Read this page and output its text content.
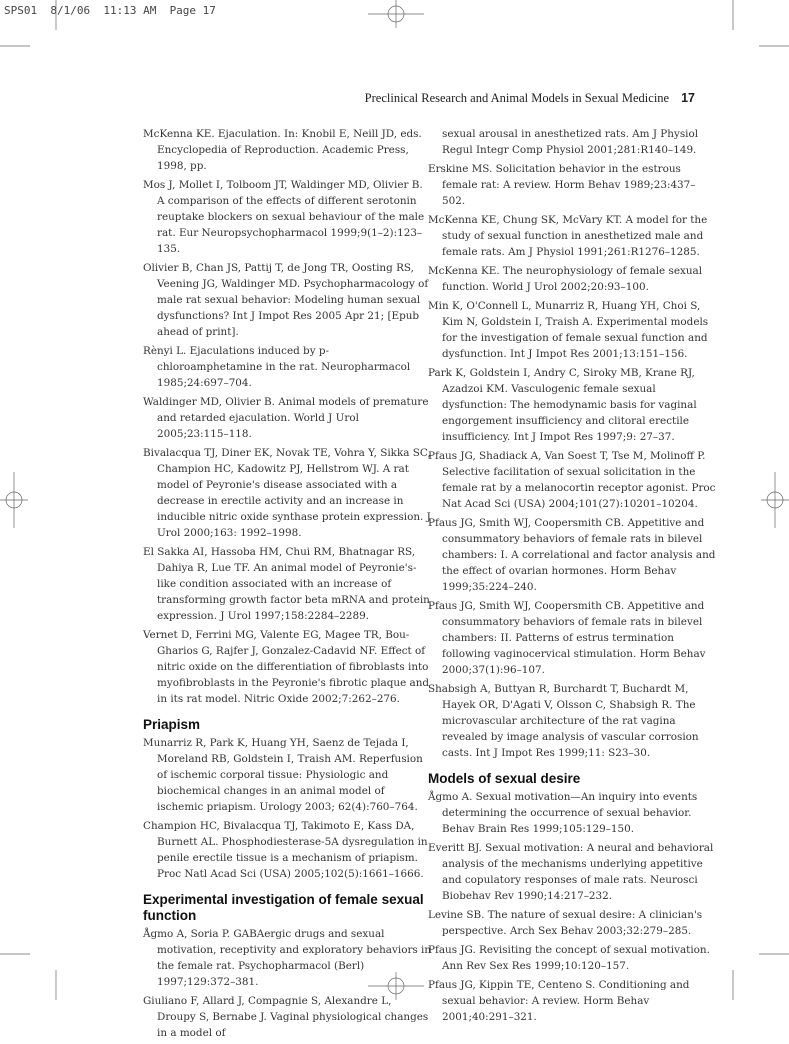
SPS01  8/1/06  11:13 AM  Page 17
Preclinical Research and Animal Models in Sexual Medicine 17

McKenna KE. Ejaculation. In: Knobil E, Neill JD, eds. Encyclopedia of Reproduction. Academic Press, 1998, pp.

Mos J, Mollet I, Tolboom JT, Waldinger MD, Olivier B. A comparison of the effects of different serotonin reuptake blockers on sexual behaviour of the male rat. Eur Neuropsychopharmacol 1999;9(1–2):123–135.

Olivier B, Chan JS, Pattij T, de Jong TR, Oosting RS, Veening JG, Waldinger MD. Psychopharmacology of male rat sexual behavior: Modeling human sexual dysfunctions? Int J Impot Res 2005 Apr 21; [Epub ahead of print].

Rènyi L. Ejaculations induced by p-chloroamphetamine in the rat. Neuropharmacol 1985;24:697–704.

Waldinger MD, Olivier B. Animal models of premature and retarded ejaculation. World J Urol 2005;23:115–118.

Bivalacqua TJ, Diner EK, Novak TE, Vohra Y, Sikka SC, Champion HC, Kadowitz PJ, Hellstrom WJ. A rat model of Peyronie's disease associated with a decrease in erectile activity and an increase in inducible nitric oxide synthase protein expression. J Urol 2000;163: 1992–1998.

El Sakka AI, Hassoba HM, Chui RM, Bhatnagar RS, Dahiya R, Lue TF. An animal model of Peyronie's-like condition associated with an increase of transforming growth factor beta mRNA and protein expression. J Urol 1997;158:2284–2289.

Vernet D, Ferrini MG, Valente EG, Magee TR, Bou-Gharios G, Rajfer J, Gonzalez-Cadavid NF. Effect of nitric oxide on the differentiation of fibroblasts into myofibroblasts in the Peyronie's fibrotic plaque and in its rat model. Nitric Oxide 2002;7:262–276.

Priapism

Munarriz R, Park K, Huang YH, Saenz de Tejada I, Moreland RB, Goldstein I, Traish AM. Reperfusion of ischemic corporal tissue: Physiologic and biochemical changes in an animal model of ischemic priapism. Urology 2003; 62(4):760–764.

Champion HC, Bivalacqua TJ, Takimoto E, Kass DA, Burnett AL. Phosphodiesterase-5A dysregulation in penile erectile tissue is a mechanism of priapism. Proc Natl Acad Sci (USA) 2005;102(5):1661–1666.

Experimental investigation of female sexual function

Ågmo A, Soria P. GABAergic drugs and sexual motivation, receptivity and exploratory behaviors in the female rat. Psychopharmacol (Berl) 1997;129:372–381.

Giuliano F, Allard J, Compagnie S, Alexandre L, Droupy S, Bernabe J. Vaginal physiological changes in a model of

sexual arousal in anesthetized rats. Am J Physiol Regul Integr Comp Physiol 2001;281:R140–149.

Erskine MS. Solicitation behavior in the estrous female rat: A review. Horm Behav 1989;23:437–502.

McKenna KE, Chung SK, McVary KT. A model for the study of sexual function in anesthetized male and female rats. Am J Physiol 1991;261:R1276–1285.

McKenna KE. The neurophysiology of female sexual function. World J Urol 2002;20:93–100.

Min K, O'Connell L, Munarriz R, Huang YH, Choi S, Kim N, Goldstein I, Traish A. Experimental models for the investigation of female sexual function and dysfunction. Int J Impot Res 2001;13:151–156.

Park K, Goldstein I, Andry C, Siroky MB, Krane RJ, Azadzoi KM. Vasculogenic female sexual dysfunction: The hemodynamic basis for vaginal engorgement insufficiency and clitoral erectile insufficiency. Int J Impot Res 1997;9: 27–37.

Pfaus JG, Shadiack A, Van Soest T, Tse M, Molinoff P. Selective facilitation of sexual solicitation in the female rat by a melanocortin receptor agonist. Proc Nat Acad Sci (USA) 2004;101(27):10201–10204.

Pfaus JG, Smith WJ, Coopersmith CB. Appetitive and consummatory behaviors of female rats in bilevel chambers: I. A correlational and factor analysis and the effect of ovarian hormones. Horm Behav 1999;35:224–240.

Pfaus JG, Smith WJ, Coopersmith CB. Appetitive and consummatory behaviors of female rats in bilevel chambers: II. Patterns of estrus termination following vaginocervical stimulation. Horm Behav 2000;37(1):96–107.

Shabsigh A, Buttyan R, Burchardt T, Buchardt M, Hayek OR, D'Agati V, Olsson C, Shabsigh R. The microvascular architecture of the rat vagina revealed by image analysis of vascular corrosion casts. Int J Impot Res 1999;11: S23–30.

Models of sexual desire

Ågmo A. Sexual motivation—An inquiry into events determining the occurrence of sexual behavior. Behav Brain Res 1999;105:129–150.

Everitt BJ. Sexual motivation: A neural and behavioral analysis of the mechanisms underlying appetitive and copulatory responses of male rats. Neurosci Biobehav Rev 1990;14:217–232.

Levine SB. The nature of sexual desire: A clinician's perspective. Arch Sex Behav 2003;32:279–285.

Pfaus JG. Revisiting the concept of sexual motivation. Ann Rev Sex Res 1999;10:120–157.

Pfaus JG, Kippin TE, Centeno S. Conditioning and sexual behavior: A review. Horm Behav 2001;40:291–321.
